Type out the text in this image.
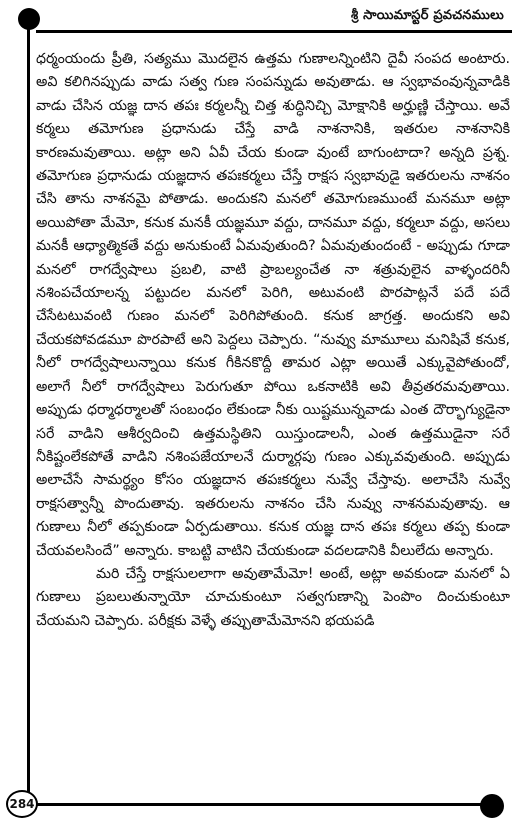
శ్రీ సాయిమాస్టర్ ప్రవచనములు

ధర్మంయందు ప్రీతి, సత్యము మొదలైన ఉత్తమ గుణాలన్నింటిని దైవీ సంపద అంటారు. అవి కలిగినప్పుడు వాడు సత్వ గుణ సంపన్నుడు అవుతాడు. ఆ స్వభావంవున్నవాడికి వాడు చేసిన యజ్ఞ దాన తపః కర్మలన్నీ చిత్త శుద్ధినిచ్చి మోక్షానికి అర్హుణ్ణి చేస్తాయి. అవే కర్మలు తమోగుణ ప్రధానుడు చేస్తే వాడి నాశనానికి, ఇతరుల నాశనానికి కారణమవుతాయి. అట్లా అని ఏవీ చేయ కుండా వుంటే బాగుంటాదా? అన్నది ప్రశ్న. తమోగుణ ప్రధానుడు యజ్ఞదాన తపఃకర్మలు చేస్తే రాక్షస స్వభావుడై ఇతరులను నాశనం చేసి తాను నాశనమై పోతాడు. అందుకని మనలో తమోగుణముంటే మనమూ అట్లా అయిపోతా మేమో, కనుక మనకీ యజ్ఞమూ వద్దు, దానమూ వద్దు, కర్మలూ వద్దు, అసలు మనకీ ఆధ్యాత్మికతే వద్దు అనుకుంటే ఏమవుతుంది? ఏమవుతుందంటే - అప్పుడు గూడా మనలో రాగద్వేషాలు ప్రబలి, వాటి ప్రాబల్యంచేత నా శత్రువులైన వాళ్ళందరినీ నశింపచేయాలన్న పట్టుదల మనలో పెరిగి, అటువంటి పొరపాట్లనే పదే పదే చేసేటటువంటి గుణం మనలో పెరిగిపోతుంది. కనుక జాగ్రత్త. అందుకని అవి చేయకపోవడమూ పొరపాటే అని పెద్దలు చెప్పారు. “నువ్వు మామూలు మనిషివే కనుక, నీలో రాగద్వేషాలున్నాయి కనుక గీకినకొద్దీ తామర ఎట్లా అయితే ఎక్కువైపోతుందో, అలాగే నీలో రాగద్వేషాలు పెరుగుతూ పోయి ఒకనాటికి అవి తీవ్రతరమవుతాయి. అప్పుడు ధర్మాధర్మాలతో సంబంధం లేకుండా నీకు యిష్టమున్నవాడు ఎంత దౌర్భాగ్యుడైనా సరే వాడిని ఆశీర్వదించి ఉత్తమస్థితిని యిస్తుండాలనీ, ఎంత ఉత్తముడైనా సరే నీకిష్టంలేకపోతే వాడిని నశింపజేయాలనే దుర్మార్గపు గుణం ఎక్కువవుతుంది. అప్పుడు అలాచేసే సామర్థ్యం కోసం యజ్ఞదాన తపఃకర్మలు నువ్వే చేస్తావు. అలాచేసి నువ్వే రాక్షసత్వాన్నీ పొందుతావు. ఇతరులను నాశనం చేసి నువ్వు నాశనమవుతావు. ఆ గుణాలు నీలో తప్పకుండా ఏర్పడుతాయి. కనుక యజ్ఞ దాన తపః కర్మలు తప్ప కుండా చేయవలసిందే” అన్నారు. కాబట్టి వాటిని చేయకుండా వదలడానికి వీలులేదు అన్నారు.

మరి చేస్తే రాక్షసులలాగా అవుతామేమో! అంటే, అట్లా అవకుండా మనలో ఏ గుణాలు ప్రబలుతున్నాయో చూచుకుంటూ సత్వగుణాన్ని పెంపొం దించుకుంటూ చేయమని చెప్పారు. పరీక్షకు వెళ్ళే తప్పుతామేమోనని భయపడి

284
